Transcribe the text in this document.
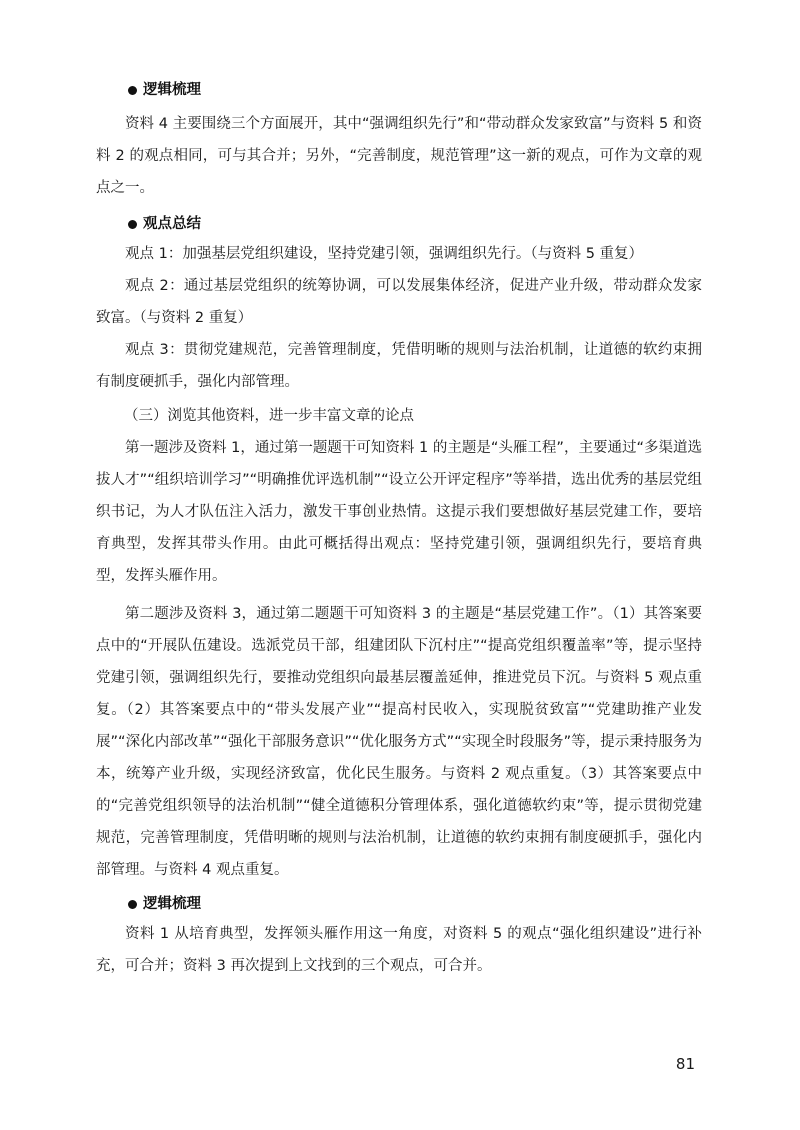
逻辑梳理

资料 4 主要围绕三个方面展开，其中“强调组织先行”和“带动群众发家致富”与资料 5 和资料 2 的观点相同，可与其合并；另外，“完善制度，规范管理”这一新的观点，可作为文章的观点之一。

观点总结

观点 1：加强基层党组织建设，坚持党建引领，强调组织先行。（与资料 5 重复）

观点 2：通过基层党组织的统筹协调，可以发展集体经济，促进产业升级，带动群众发家致富。（与资料 2 重复）

观点 3：贯彻党建规范，完善管理制度，凭借明晰的规则与法治机制，让道德的软约束拥有制度硬抓手，强化内部管理。

（三）浏览其他资料，进一步丰富文章的论点

第一题涉及资料 1，通过第一题题干可知资料 1 的主题是“头雁工程”，主要通过“多渠道选拔人才”“组织培训学习”“明确推优评选机制”“设立公开评定程序”等举措，选出优秀的基层党组织书记，为人才队伍注入活力，激发干事创业热情。这提示我们要想做好基层党建工作，要培育典型，发挥其带头作用。由此可概括得出观点：坚持党建引领，强调组织先行，要培育典型，发挥头雁作用。

第二题涉及资料 3，通过第二题题干可知资料 3 的主题是“基层党建工作”。（1）其答案要点中的“开展队伍建设。选派党员干部，组建团队下沉村庄”“提高党组织覆盖率”等，提示坚持党建引领，强调组织先行，要推动党组织向最基层覆盖延伸，推进党员下沉。与资料 5 观点重复。（2）其答案要点中的“带头发展产业”“提高村民收入，实现脱贫致富”“党建助推产业发展”“深化内部改革”“强化干部服务意识”“优化服务方式”“实现全时段服务”等，提示秉持服务为本，统筹产业升级，实现经济致富，优化民生服务。与资料 2 观点重复。（3）其答案要点中的“完善党组织领导的法治机制”“健全道德积分管理体系，强化道德软约束”等，提示贯彻党建规范，完善管理制度，凭借明晰的规则与法治机制，让道德的软约束拥有制度硬抓手，强化内部管理。与资料 4 观点重复。

逻辑梳理

资料 1 从培育典型，发挥领头雁作用这一角度，对资料 5 的观点“强化组织建设”进行补充，可合并；资料 3 再次提到上文找到的三个观点，可合并。

81
